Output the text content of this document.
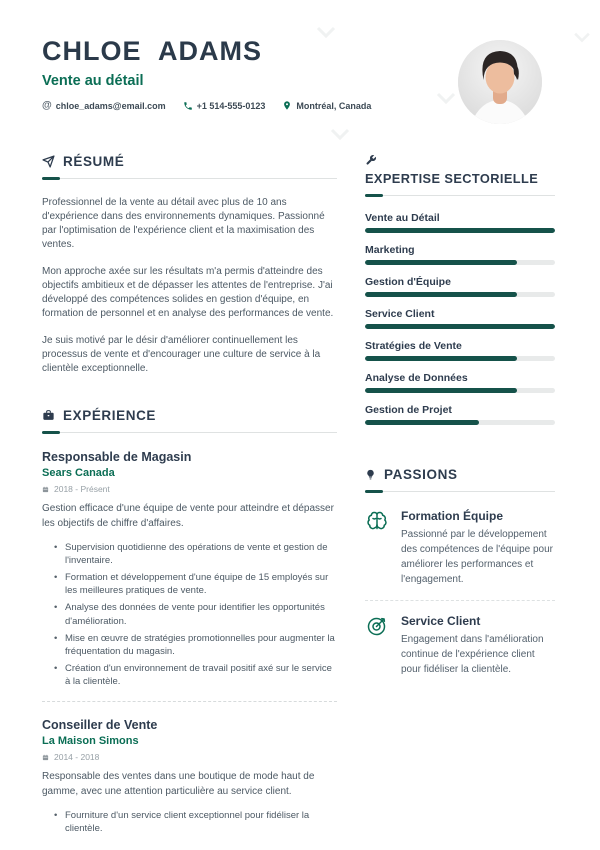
CHLOE ADAMS
Vente au détail
@ chloe_adams@email.com	+1 514-555-0123	Montréal, Canada
RÉSUMÉ

Professionnel de la vente au détail avec plus de 10 ans d'expérience dans des environnements dynamiques. Passionné par l'optimisation de l'expérience client et la maximisation des ventes.

Mon approche axée sur les résultats m'a permis d'atteindre des objectifs ambitieux et de dépasser les attentes de l'entreprise. J'ai développé des compétences solides en gestion d'équipe, en formation de personnel et en analyse des performances de vente.

Je suis motivé par le désir d'améliorer continuellement les processus de vente et d'encourager une culture de service à la clientèle exceptionnelle.

EXPÉRIENCE
Responsable de Magasin
Sears Canada
2018 - Présent

Gestion efficace d'une équipe de vente pour atteindre et dépasser les objectifs de chiffre d'affaires.

• Supervision quotidienne des opérations de vente et gestion de l'inventaire.
• Formation et développement d'une équipe de 15 employés sur les meilleures pratiques de vente.
• Analyse des données de vente pour identifier les opportunités d'amélioration.
• Mise en œuvre de stratégies promotionnelles pour augmenter la fréquentation du magasin.
• Création d'un environnement de travail positif axé sur le service à la clientèle.
Conseiller de Vente
La Maison Simons
2014 - 2018

Responsable des ventes dans une boutique de mode haut de gamme, avec une attention particulière au service client.

• Fourniture d'un service client exceptionnel pour fidéliser la clientèle.
EXPERTISE SECTORIELLE
Vente au Détail
Marketing
Gestion d'Équipe
Service Client
Stratégies de Vente
Analyse de Données
Gestion de Projet
PASSIONS
Formation Équipe
Passionné par le développement des compétences de l'équipe pour améliorer les performances et l'engagement.
Service Client
Engagement dans l'amélioration continue de l'expérience client pour fidéliser la clientèle.
